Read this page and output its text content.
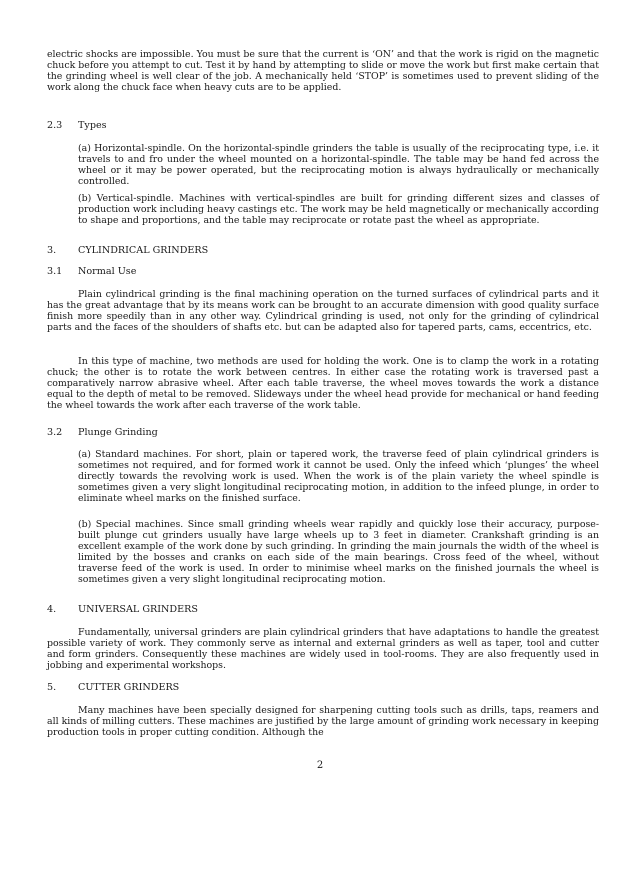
electric shocks are impossible. You must be sure that the current is ‘ON’ and that the work is rigid on the magnetic chuck before you attempt to cut. Test it by hand by attempting to slide or move the work but first make certain that the grinding wheel is well clear of the job. A mechanically held ‘STOP’ is sometimes used to prevent sliding of the work along the chuck face when heavy cuts are to be applied.
2.3 Types
(a) Horizontal-spindle. On the horizontal-spindle grinders the table is usually of the reciprocating type, i.e. it travels to and fro under the wheel mounted on a horizontal-spindle. The table may be hand fed across the wheel or it may be power operated, but the reciprocating motion is always hydraulically or mechanically controlled.
(b) Vertical-spindle. Machines with vertical-spindles are built for grinding different sizes and classes of production work including heavy castings etc. The work may be held magnetically or mechanically according to shape and proportions, and the table may reciprocate or rotate past the wheel as appropriate.
3. CYLINDRICAL GRINDERS
3.1 Normal Use
Plain cylindrical grinding is the final machining operation on the turned surfaces of cylindrical parts and it has the great advantage that by its means work can be brought to an accurate dimension with good quality surface finish more speedily than in any other way. Cylindrical grinding is used, not only for the grinding of cylindrical parts and the faces of the shoulders of shafts etc. but can be adapted also for tapered parts, cams, eccentrics, etc.
In this type of machine, two methods are used for holding the work. One is to clamp the work in a rotating chuck; the other is to rotate the work between centres. In either case the rotating work is traversed past a comparatively narrow abrasive wheel. After each table traverse, the wheel moves towards the work a distance equal to the depth of metal to be removed. Slideways under the wheel head provide for mechanical or hand feeding the wheel towards the work after each traverse of the work table.
3.2 Plunge Grinding
(a) Standard machines. For short, plain or tapered work, the traverse feed of plain cylindrical grinders is sometimes not required, and for formed work it cannot be used. Only the infeed which ‘plunges’ the wheel directly towards the revolving work is used. When the work is of the plain variety the wheel spindle is sometimes given a very slight longitudinal reciprocating motion, in addition to the infeed plunge, in order to eliminate wheel marks on the finished surface.
(b) Special machines. Since small grinding wheels wear rapidly and quickly lose their accuracy, purpose-built plunge cut grinders usually have large wheels up to 3 feet in diameter. Crankshaft grinding is an excellent example of the work done by such grinding. In grinding the main journals the width of the wheel is limited by the bosses and cranks on each side of the main bearings. Cross feed of the wheel, without traverse feed of the work is used. In order to minimise wheel marks on the finished journals the wheel is sometimes given a very slight longitudinal reciprocating motion.
4. UNIVERSAL GRINDERS
Fundamentally, universal grinders are plain cylindrical grinders that have adaptations to handle the greatest possible variety of work. They commonly serve as internal and external grinders as well as taper, tool and cutter and form grinders. Consequently these machines are widely used in tool-rooms. They are also frequently used in jobbing and experimental workshops.
5. CUTTER GRINDERS
Many machines have been specially designed for sharpening cutting tools such as drills, taps, reamers and all kinds of milling cutters. These machines are justified by the large amount of grinding work necessary in keeping production tools in proper cutting condition. Although the
2
